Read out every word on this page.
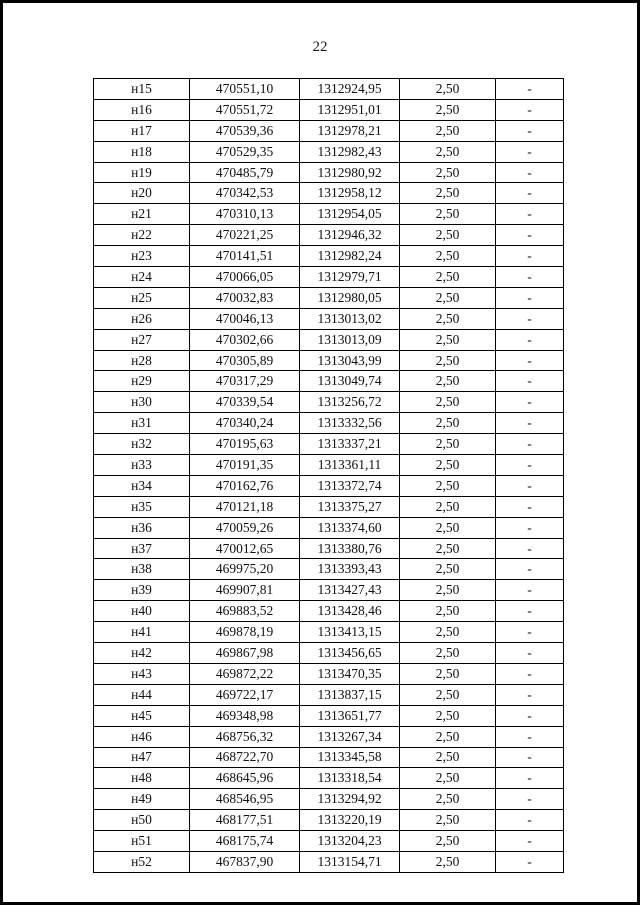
22
н15	470551,10	1312924,95	2,50	-
н16	470551,72	1312951,01	2,50	-
н17	470539,36	1312978,21	2,50	-
н18	470529,35	1312982,43	2,50	-
н19	470485,79	1312980,92	2,50	-
н20	470342,53	1312958,12	2,50	-
н21	470310,13	1312954,05	2,50	-
н22	470221,25	1312946,32	2,50	-
н23	470141,51	1312982,24	2,50	-
н24	470066,05	1312979,71	2,50	-
н25	470032,83	1312980,05	2,50	-
н26	470046,13	1313013,02	2,50	-
н27	470302,66	1313013,09	2,50	-
н28	470305,89	1313043,99	2,50	-
н29	470317,29	1313049,74	2,50	-
н30	470339,54	1313256,72	2,50	-
н31	470340,24	1313332,56	2,50	-
н32	470195,63	1313337,21	2,50	-
н33	470191,35	1313361,11	2,50	-
н34	470162,76	1313372,74	2,50	-
н35	470121,18	1313375,27	2,50	-
н36	470059,26	1313374,60	2,50	-
н37	470012,65	1313380,76	2,50	-
н38	469975,20	1313393,43	2,50	-
н39	469907,81	1313427,43	2,50	-
н40	469883,52	1313428,46	2,50	-
н41	469878,19	1313413,15	2,50	-
н42	469867,98	1313456,65	2,50	-
н43	469872,22	1313470,35	2,50	-
н44	469722,17	1313837,15	2,50	-
н45	469348,98	1313651,77	2,50	-
н46	468756,32	1313267,34	2,50	-
н47	468722,70	1313345,58	2,50	-
н48	468645,96	1313318,54	2,50	-
н49	468546,95	1313294,92	2,50	-
н50	468177,51	1313220,19	2,50	-
н51	468175,74	1313204,23	2,50	-
н52	467837,90	1313154,71	2,50	-
